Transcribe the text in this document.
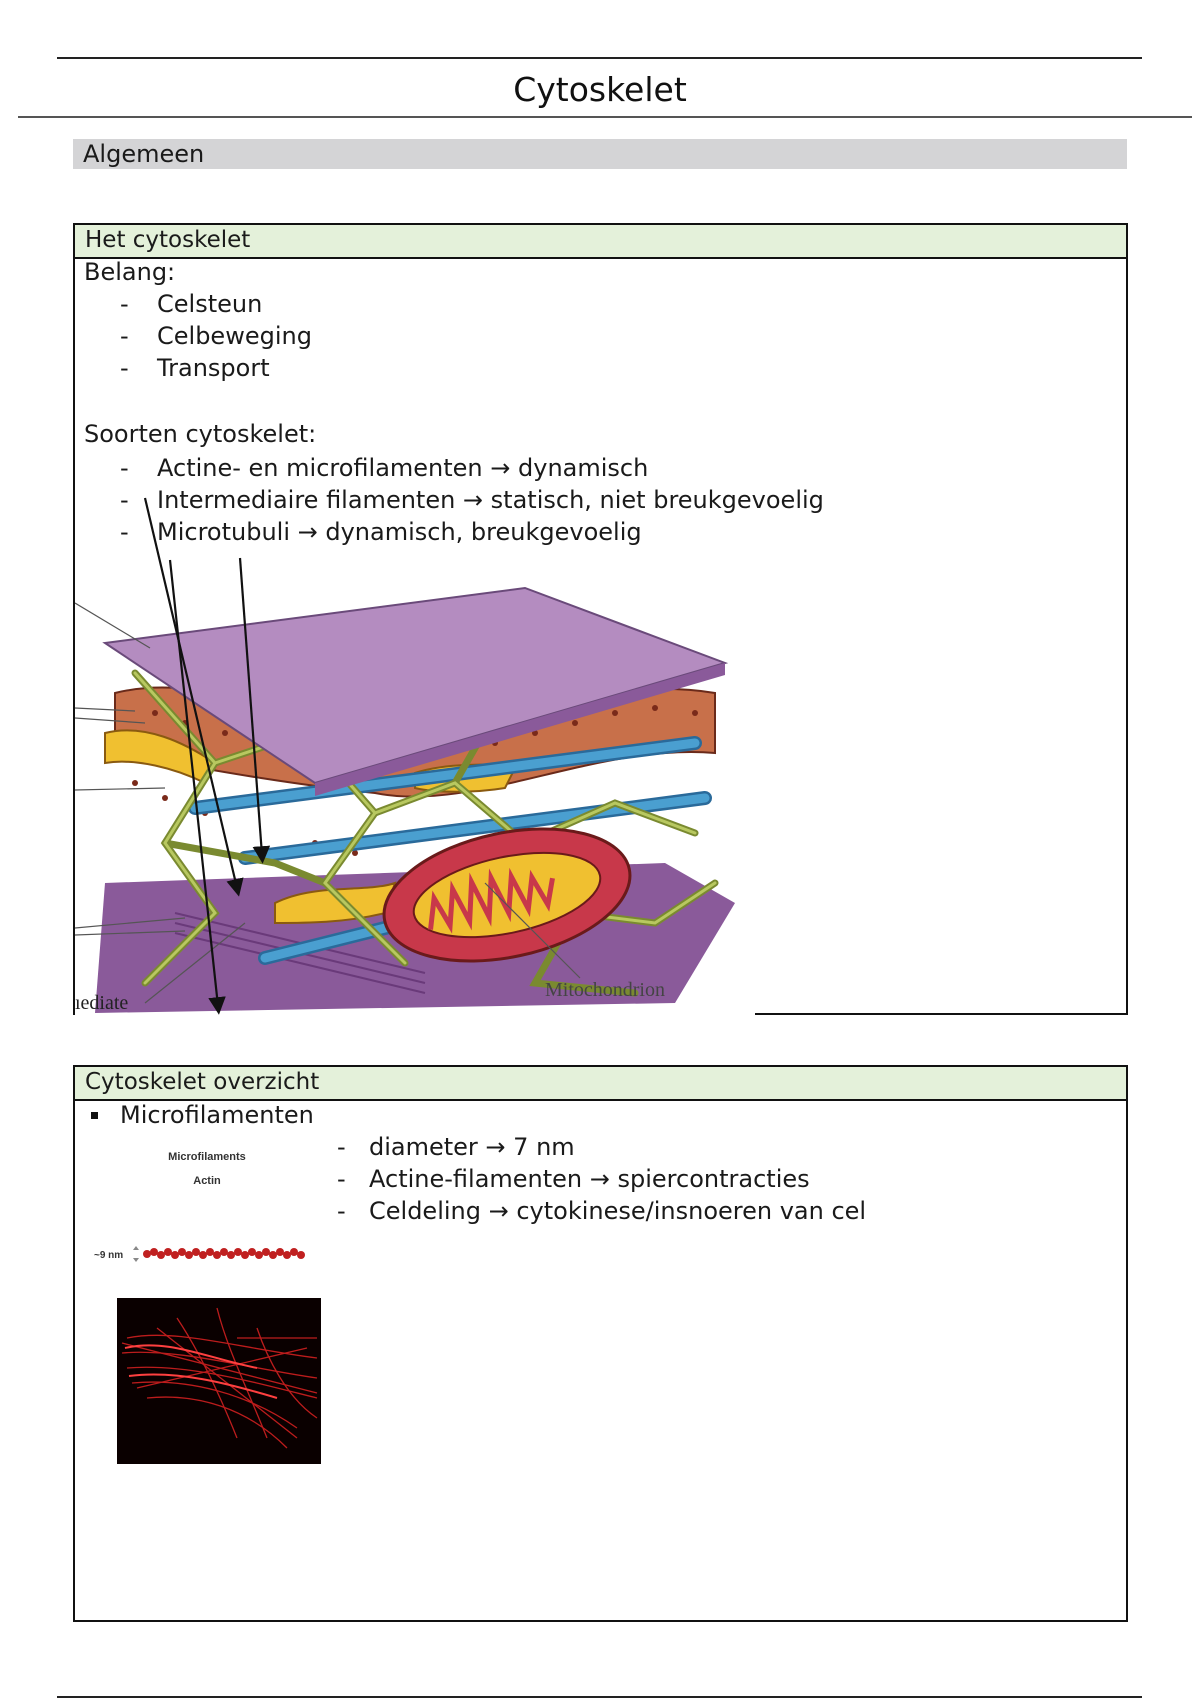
Cytoskelet
Algemeen
Het cytoskelet
Belang:
- Celsteun
- Celbeweging
- Transport
Soorten cytoskelet:
- Actine- en microfilamenten → dynamisch
- Intermediaire filamenten → statisch, niet breukgevoelig
- Microtubuli → dynamisch, breukgevoelig
Mitochondrion
ıediate
Cytoskelet overzicht
Microfilamenten
- diameter → 7 nm
- Actine-filamenten → spiercontracties
- Celdeling → cytokinese/insnoeren van cel
Microfilaments
Actin
~9 nm
